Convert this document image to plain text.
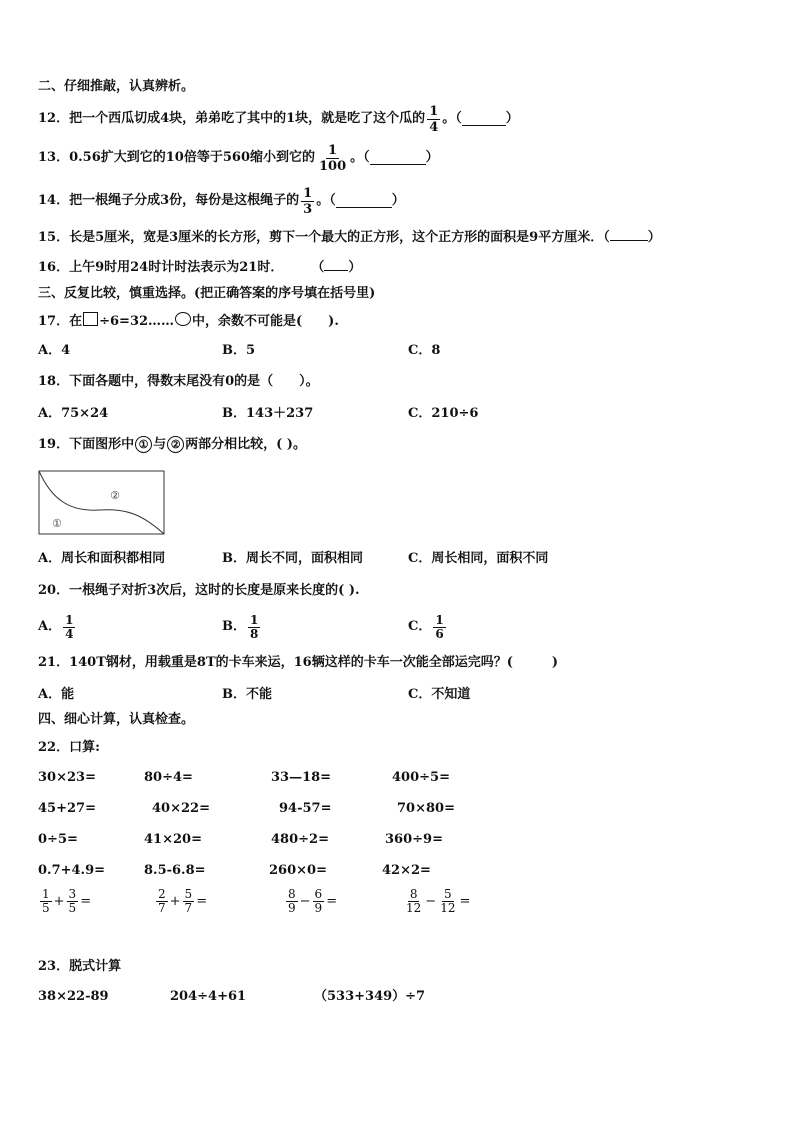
二、仔细推敲，认真辨析。
12． 把一个西瓜切成4块，弟弟吃了其中的1块，就是吃了这个瓜的 $\frac{1}{4}$ 。（	）
13． 0.56扩大到它的10倍等于560缩小到它的 $\frac{1}{100}$ 。（	）
14． 把一根绳子分成3份，每份是这根绳子的 $\frac{1}{3}$ 。（	）
15．长是5厘米，宽是3厘米的长方形，剪下一个最大的正方形，这个正方形的面积是9平方厘米．（	）
16．上午9时用24时计时法表示为21时． （ ）
三、反复比较，慎重选择。(把正确答案的序号填在括号里)
17．在 ÷6=32…… 中，余数不可能是(　　).
A．4	B．5	C．8
18．下面各题中，得数末尾没有0的是（　　）。
A．75×24	B．143＋237	C．210÷6
19．下面图形中 ① 与 ② 两部分相比较，( )。
②
①
A．周长和面积都相同	B．周长不同，面积相同	C．周长相同，面积不同
20．一根绳子对折3次后，这时的长度是原来长度的( ).
A． $\frac{1}{4}$	B． $\frac{1}{8}$	C． $\frac{1}{6}$
21．140T钢材，用载重是8T的卡车来运，16辆这样的卡车一次能全部运完吗？(　　　)
A．能	B．不能	C．不知道
四、细心计算，认真检查。
22．口算:
30×23=	80÷4=	33—18=	400÷5=
45+27=	40×22=	94-57=	70×80=
0÷5=	41×20=	480÷2=	360÷9=
0.7+4.9=	8.5-6.8=	260×0=	42×2=
$\frac{1}{5} + \frac{3}{5}$ =	$\frac{2}{7} + \frac{5}{7}$ =	$\frac{8}{9} - \frac{6}{9}$ =	$\frac{8}{12} - \frac{5}{12}$ =
23．脱式计算
38×22-89	204÷4+61	（533+349）÷7
